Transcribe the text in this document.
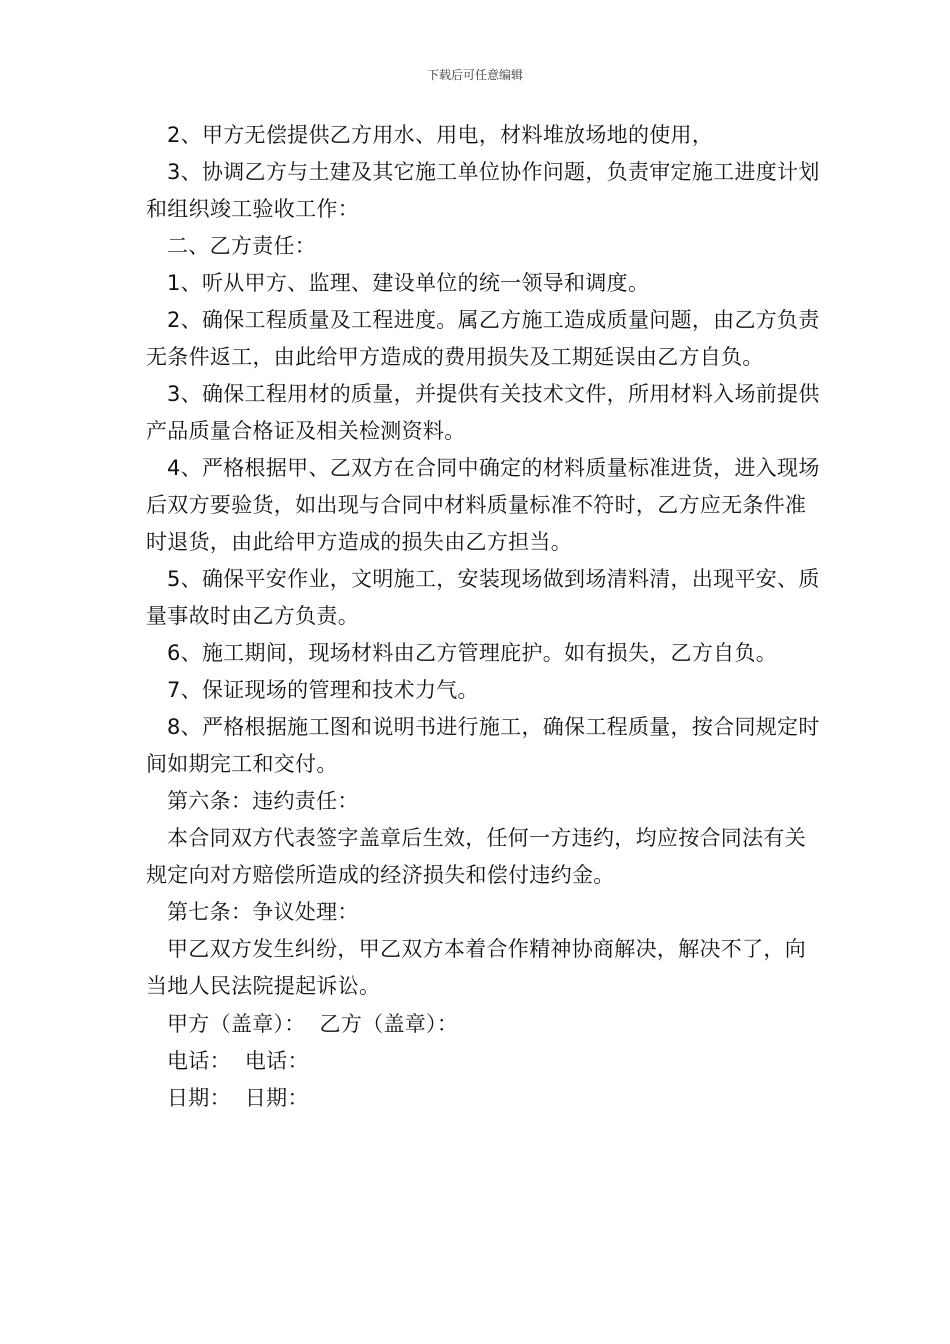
下载后可任意编辑

2、甲方无偿提供乙方用水、用电，材料堆放场地的使用，

3、协调乙方与土建及其它施工单位协作问题，负责审定施工进度计划和组织竣工验收工作：

二、乙方责任：

1、听从甲方、监理、建设单位的统一领导和调度。

2、确保工程质量及工程进度。属乙方施工造成质量问题，由乙方负责无条件返工，由此给甲方造成的费用损失及工期延误由乙方自负。

3、确保工程用材的质量，并提供有关技术文件，所用材料入场前提供产品质量合格证及相关检测资料。

4、严格根据甲、乙双方在合同中确定的材料质量标准进货，进入现场后双方要验货，如出现与合同中材料质量标准不符时，乙方应无条件准时退货，由此给甲方造成的损失由乙方担当。

5、确保平安作业，文明施工，安装现场做到场清料清，出现平安、质量事故时由乙方负责。

6、施工期间，现场材料由乙方管理庇护。如有损失，乙方自负。

7、保证现场的管理和技术力气。

8、严格根据施工图和说明书进行施工，确保工程质量，按合同规定时间如期完工和交付。

第六条：违约责任：

本合同双方代表签字盖章后生效，任何一方违约，均应按合同法有关规定向对方赔偿所造成的经济损失和偿付违约金。

第七条：争议处理：

甲乙双方发生纠纷，甲乙双方本着合作精神协商解决，解决不了，向当地人民法院提起诉讼。

甲方（盖章）：  乙方（盖章）：

电话：  电话：

日期：  日期：
